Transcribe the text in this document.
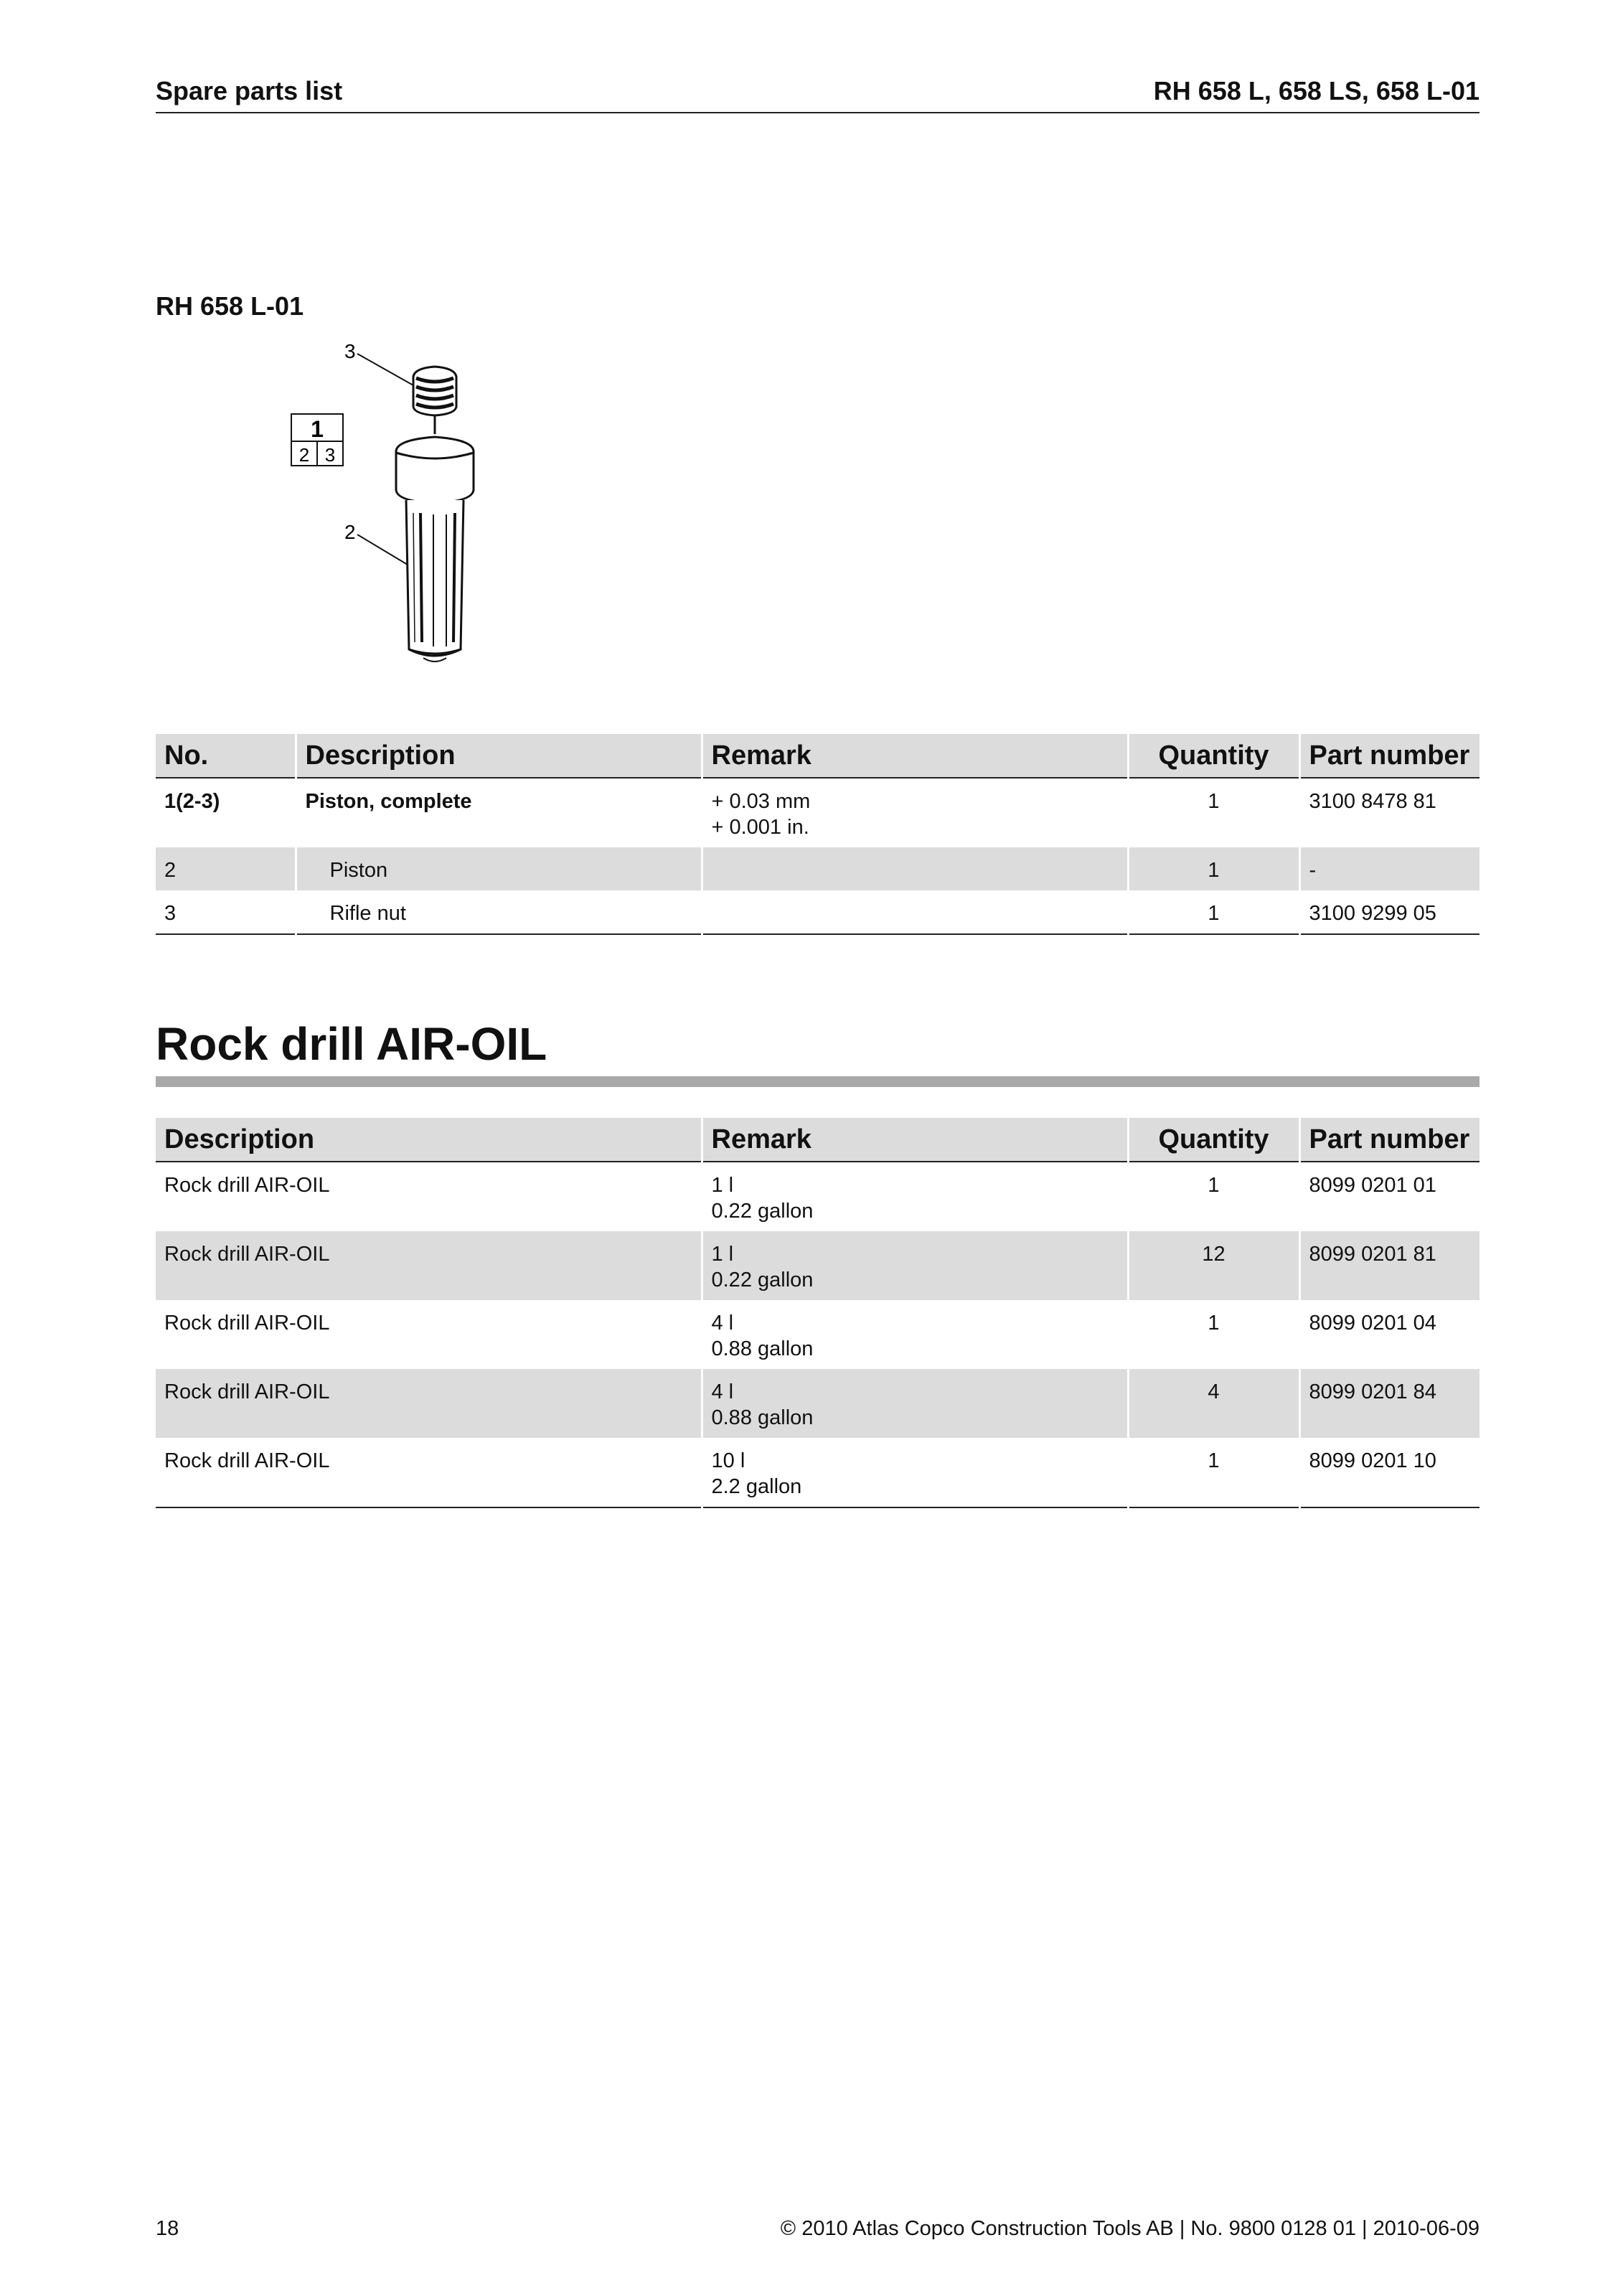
Spare parts list	RH 658 L, 658 LS, 658 L-01
RH 658 L-01
3
2
1
2 3
No.	Description	Remark	Quantity	Part number
1(2-3)	Piston, complete	+ 0.03 mm
+ 0.001 in.	1	3100 8478 81
2	Piston		1	-
3	Rifle nut		1	3100 9299 05
Rock drill AIR-OIL
Description	Remark	Quantity	Part number
Rock drill AIR-OIL	1 l
0.22 gallon	1	8099 0201 01
Rock drill AIR-OIL	1 l
0.22 gallon	12	8099 0201 81
Rock drill AIR-OIL	4 l
0.88 gallon	1	8099 0201 04
Rock drill AIR-OIL	4 l
0.88 gallon	4	8099 0201 84
Rock drill AIR-OIL	10 l
2.2 gallon	1	8099 0201 10
18	© 2010 Atlas Copco Construction Tools AB | No. 9800 0128 01 | 2010-06-09
